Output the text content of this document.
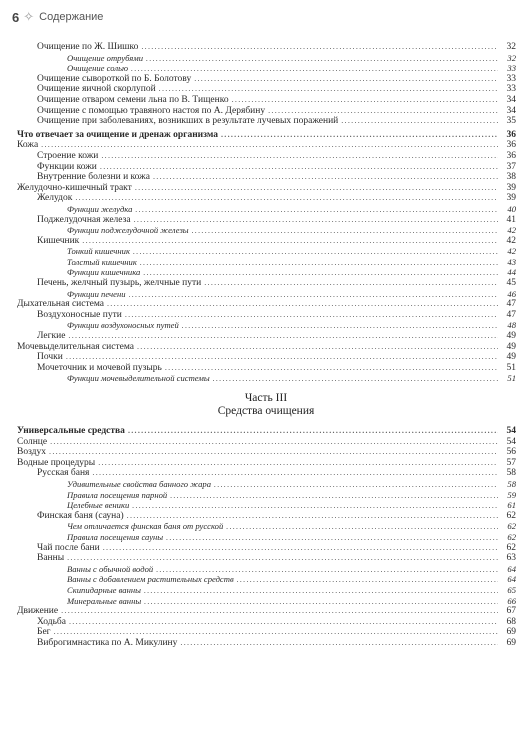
6 ✧ Содержание
Очищение по Ж. Шишко .....	32
Очищение отрубями .....	32
Очищение солью .....	33
Очищение сывороткой по Б. Болотову .....	33
Очищение яичной скорлупой .....	33
Очищение отваром семени льна по В. Тищенко .....	34
Очищение с помощью травяного настоя по А. Дерябину .....	34
Очищение при заболеваниях, возникших в результате лучевых поражений .....	35
Что отвечает за очищение и дренаж организма .....	36
Кожа .....	36
Строение кожи .....	36
Функции кожи .....	37
Внутренние болезни и кожа .....	38
Желудочно-кишечный тракт .....	39
Желудок .....	39
Функции желудка .....	40
Поджелудочная железа .....	41
Функции поджелудочной железы .....	42
Кишечник .....	42
Тонкий кишечник .....	42
Толстый кишечник .....	43
Функции кишечника .....	44
Печень, желчный пузырь, желчные пути .....	45
Функции печени .....	46
Дыхательная система .....	47
Воздухоносные пути .....	47
Функции воздухоносных путей .....	48
Легкие .....	49
Мочевыделительная система .....	49
Почки .....	49
Мочеточник и мочевой пузырь .....	51
Функции мочевыделительной системы .....	51
Часть III
Средства очищения
Универсальные средства .....	54
Солнце .....	54
Воздух .....	56
Водные процедуры .....	57
Русская баня .....	58
Удивительные свойства банного жара .....	58
Правила посещения парной .....	59
Целебные веники .....	61
Финская баня (сауна) .....	62
Чем отличается финская баня от русской .....	62
Правила посещения сауны .....	62
Чай после бани .....	62
Ванны .....	63
Ванны с обычной водой .....	64
Ванны с добавлением растительных средств .....	64
Скипидарные ванны .....	65
Минеральные ванны .....	66
Движение .....	67
Ходьба .....	68
Бег .....	69
Виброгимнастика по А. Микулину .....	69
